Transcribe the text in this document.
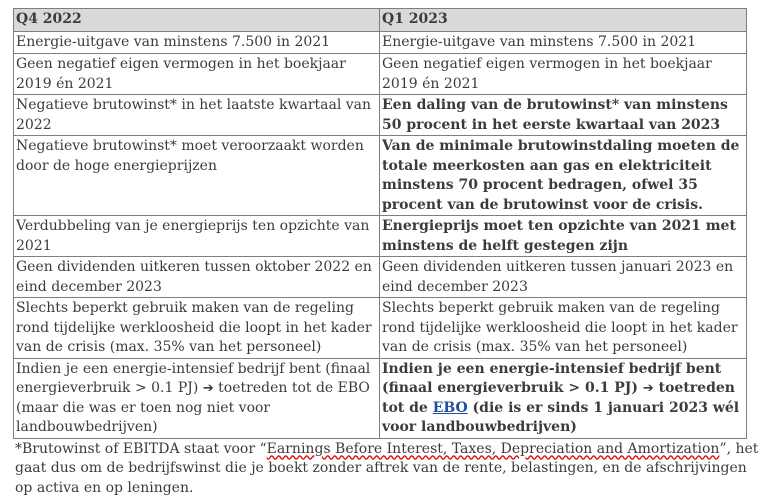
Q4 2022	Q1 2023
Energie-uitgave van minstens 7.500 in 2021	Energie-uitgave van minstens 7.500 in 2021
Geen negatief eigen vermogen in het boekjaar 2019 én 2021	Geen negatief eigen vermogen in het boekjaar 2019 én 2021
Negatieve brutowinst* in het laatste kwartaal van 2022	Een daling van de brutowinst* van minstens 50 procent in het eerste kwartaal van 2023
Negatieve brutowinst* moet veroorzaakt worden door de hoge energieprijzen	Van de minimale brutowinstdaling moeten de totale meerkosten aan gas en elektriciteit minstens 70 procent bedragen, ofwel 35 procent van de brutowinst voor de crisis.
Verdubbeling van je energieprijs ten opzichte van 2021	Energieprijs moet ten opzichte van 2021 met minstens de helft gestegen zijn
Geen dividenden uitkeren tussen oktober 2022 en eind december 2023	Geen dividenden uitkeren tussen januari 2023 en eind december 2023
Slechts beperkt gebruik maken van de regeling rond tijdelijke werkloosheid die loopt in het kader van de crisis (max. 35% van het personeel)	Slechts beperkt gebruik maken van de regeling rond tijdelijke werkloosheid die loopt in het kader van de crisis (max. 35% van het personeel)
Indien je een energie-intensief bedrijf bent (finaal energieverbruik > 0.1 PJ) ➔ toetreden tot de EBO (maar die was er toen nog niet voor landbouwbedrijven)	Indien je een energie-intensief bedrijf bent (finaal energieverbruik > 0.1 PJ) ➔ toetreden tot de EBO (die is er sinds 1 januari 2023 wél voor landbouwbedrijven)
*Brutowinst of EBITDA staat voor “Earnings Before Interest, Taxes, Depreciation and Amortization”, het gaat dus om de bedrijfswinst die je boekt zonder aftrek van de rente, belastingen, en de afschrijvingen op activa en op leningen.
